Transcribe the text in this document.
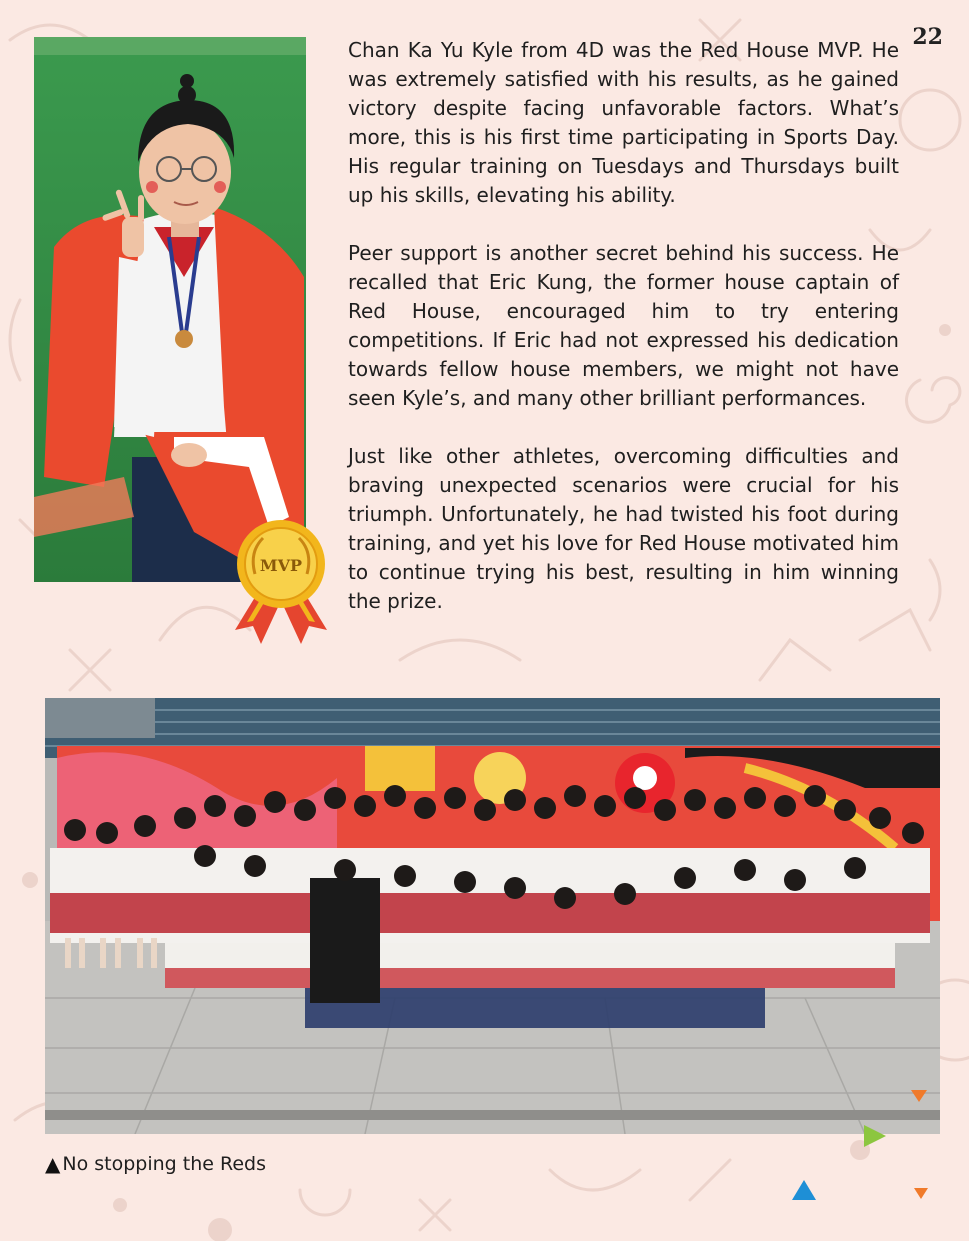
22
MVP

Chan Ka Yu Kyle from 4D was the Red House MVP. He was extremely satisfied with his results, as he gained victory despite facing unfavorable factors. What’s more, this is his first time participating in Sports Day. His regular training on Tuesdays and Thursdays built up his skills, elevating his ability.

Peer support is another secret behind his success. He recalled that Eric Kung, the former house captain of Red House, encouraged him to try entering competitions. If Eric had not expressed his dedication towards fellow house members, we might not have seen Kyle’s, and many other brilliant performances.

Just like other athletes, overcoming difficulties and braving unexpected scenarios were crucial for his triumph. Unfortunately, he had twisted his foot during training, and yet his love for Red House motivated him to continue trying his best, resulting in him winning the prize.

▲ No stopping the Reds
